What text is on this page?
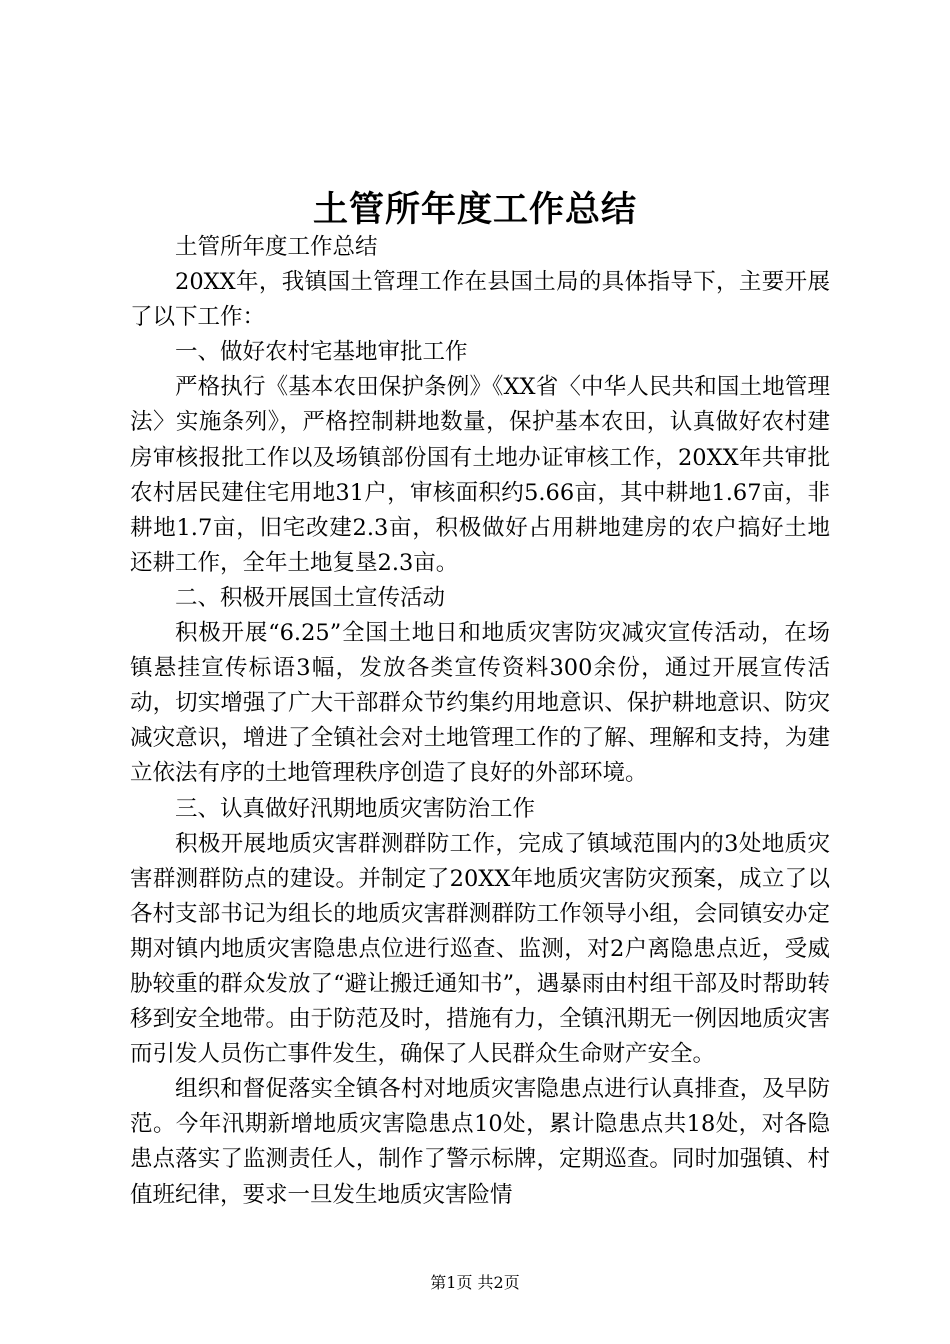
土管所年度工作总结

土管所年度工作总结

20XX年，我镇国土管理工作在县国土局的具体指导下，主要开展了以下工作：

一、做好农村宅基地审批工作

严格执行《基本农田保护条例》《XX省〈中华人民共和国土地管理法〉实施条列》，严格控制耕地数量，保护基本农田，认真做好农村建房审核报批工作以及场镇部份国有土地办证审核工作，20XX年共审批农村居民建住宅用地31户，审核面积约5.66亩，其中耕地1.67亩，非耕地1.7亩，旧宅改建2.3亩，积极做好占用耕地建房的农户搞好土地还耕工作，全年土地复垦2.3亩。

二、积极开展国土宣传活动

积极开展“6.25”全国土地日和地质灾害防灾减灾宣传活动，在场镇悬挂宣传标语3幅，发放各类宣传资料300余份，通过开展宣传活动，切实增强了广大干部群众节约集约用地意识、保护耕地意识、防灾减灾意识，增进了全镇社会对土地管理工作的了解、理解和支持，为建立依法有序的土地管理秩序创造了良好的外部环境。

三、认真做好汛期地质灾害防治工作

积极开展地质灾害群测群防工作，完成了镇域范围内的3处地质灾害群测群防点的建设。并制定了20XX年地质灾害防灾预案，成立了以各村支部书记为组长的地质灾害群测群防工作领导小组，会同镇安办定期对镇内地质灾害隐患点位进行巡查、监测，对2户离隐患点近，受威胁较重的群众发放了“避让搬迁通知书”，遇暴雨由村组干部及时帮助转移到安全地带。由于防范及时，措施有力，全镇汛期无一例因地质灾害而引发人员伤亡事件发生，确保了人民群众生命财产安全。

组织和督促落实全镇各村对地质灾害隐患点进行认真排查，及早防范。今年汛期新增地质灾害隐患点10处，累计隐患点共18处，对各隐患点落实了监测责任人，制作了警示标牌，定期巡查。同时加强镇、村值班纪律，要求一旦发生地质灾害险情

第1页 共2页
